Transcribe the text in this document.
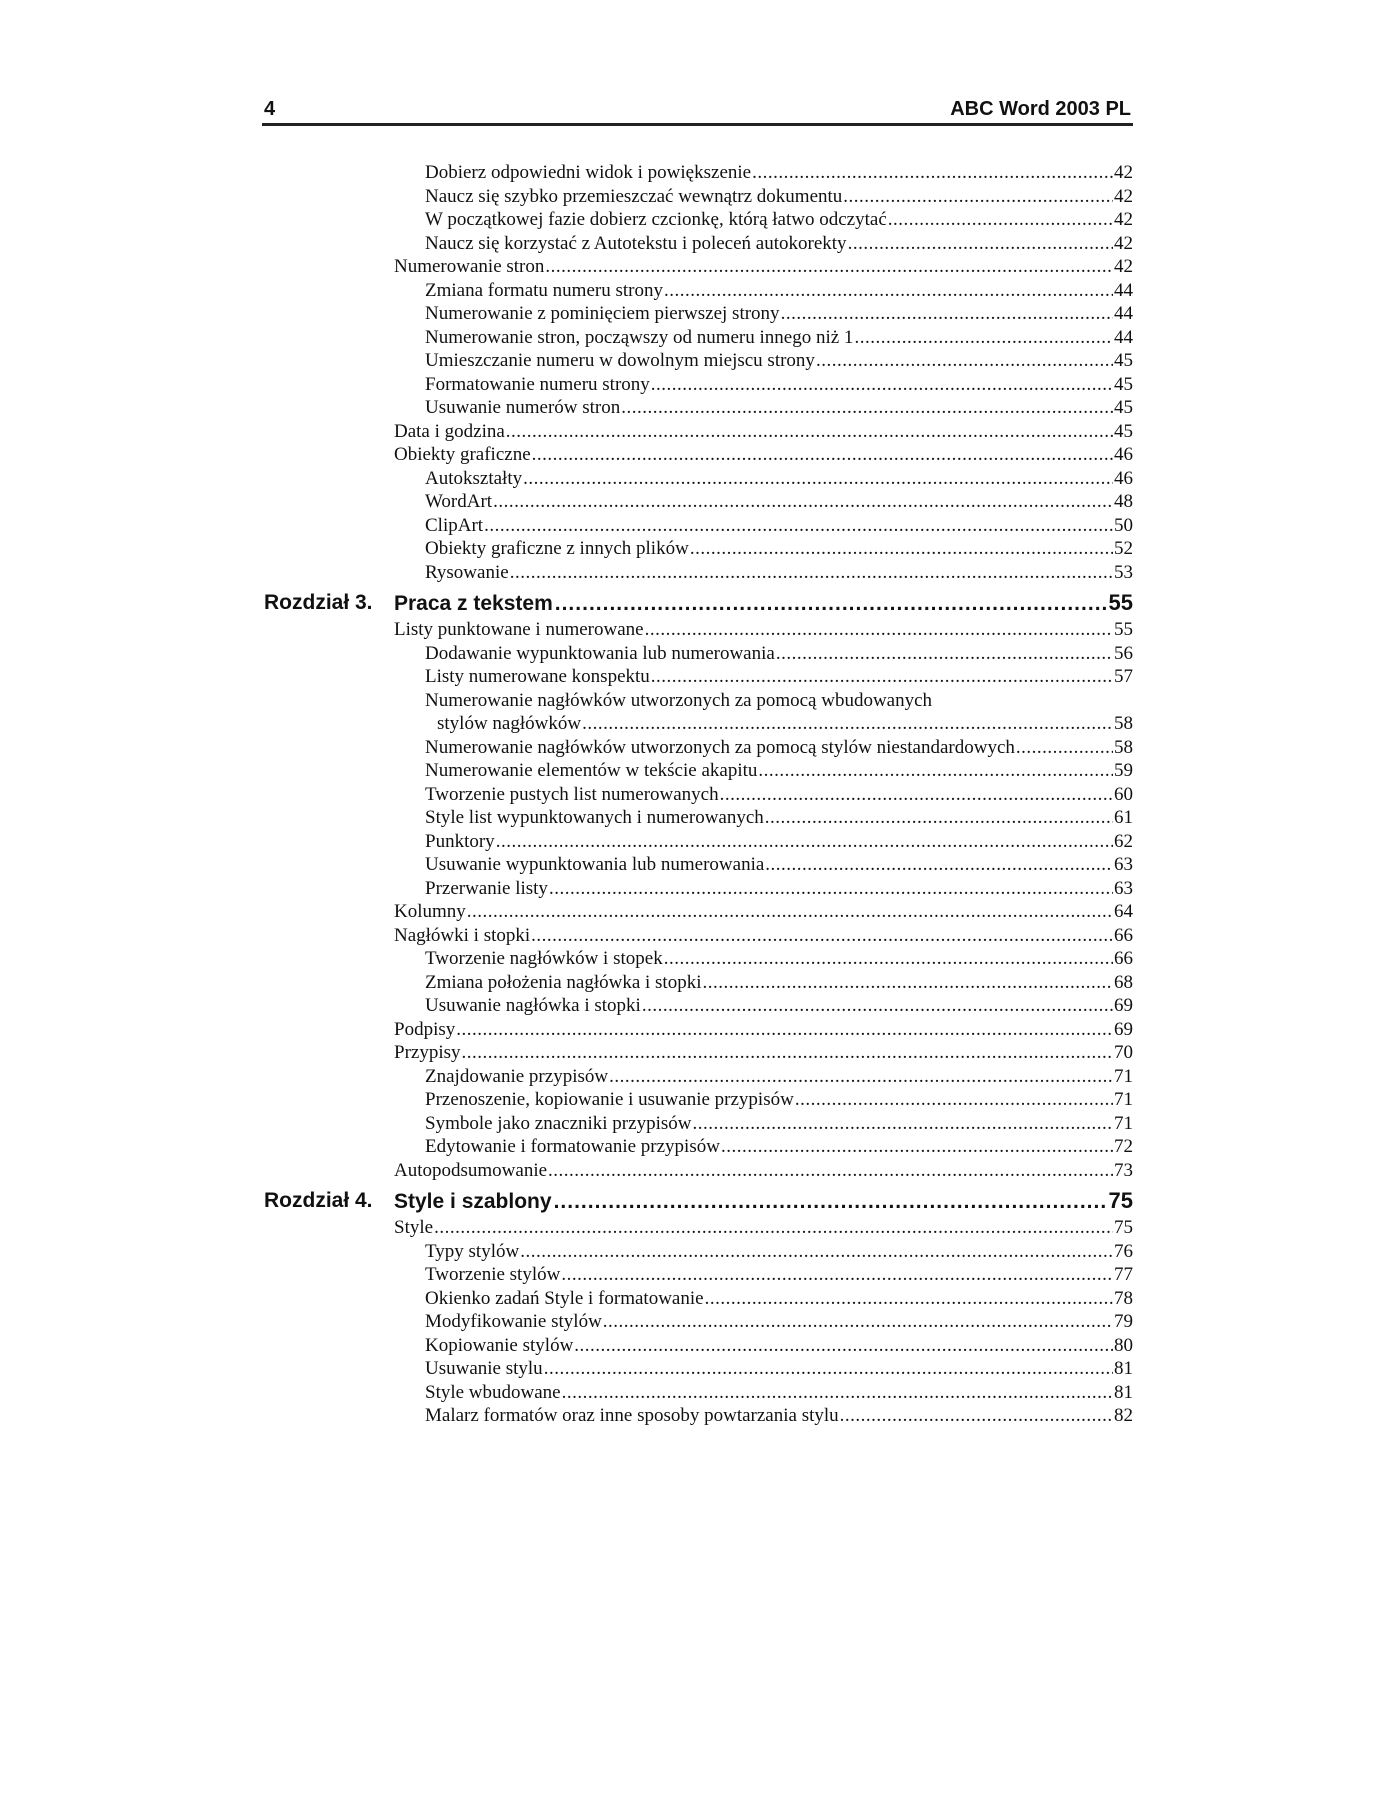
4	ABC Word 2003 PL
Dobierz odpowiedni widok i powiększenie .....	42
Naucz się szybko przemieszczać wewnątrz dokumentu .....	42
W początkowej fazie dobierz czcionkę, którą łatwo odczytać .....	42
Naucz się korzystać z Autotekstu i poleceń autokorekty .....	42
Numerowanie stron .....	42
Zmiana formatu numeru strony .....	44
Numerowanie z pominięciem pierwszej strony .....	44
Numerowanie stron, począwszy od numeru innego niż 1 .....	44
Umieszczanie numeru w dowolnym miejscu strony .....	45
Formatowanie numeru strony .....	45
Usuwanie numerów stron .....	45
Data i godzina .....	45
Obiekty graficzne .....	46
Autokształty .....	46
WordArt .....	48
ClipArt .....	50
Obiekty graficzne z innych plików .....	52
Rysowanie .....	53
Rozdział 3. Praca z tekstem .....	55
Listy punktowane i numerowane .....	55
Dodawanie wypunktowania lub numerowania .....	56
Listy numerowane konspektu .....	57
Numerowanie nagłówków utworzonych za pomocą wbudowanych
stylów nagłówków .....	58
Numerowanie nagłówków utworzonych za pomocą stylów niestandardowych .....	58
Numerowanie elementów w tekście akapitu .....	59
Tworzenie pustych list numerowanych .....	60
Style list wypunktowanych i numerowanych .....	61
Punktory .....	62
Usuwanie wypunktowania lub numerowania .....	63
Przerwanie listy .....	63
Kolumny .....	64
Nagłówki i stopki .....	66
Tworzenie nagłówków i stopek .....	66
Zmiana położenia nagłówka i stopki .....	68
Usuwanie nagłówka i stopki .....	69
Podpisy .....	69
Przypisy .....	70
Znajdowanie przypisów .....	71
Przenoszenie, kopiowanie i usuwanie przypisów .....	71
Symbole jako znaczniki przypisów .....	71
Edytowanie i formatowanie przypisów .....	72
Autopodsumowanie .....	73
Rozdział 4. Style i szablony .....	75
Style .....	75
Typy stylów .....	76
Tworzenie stylów .....	77
Okienko zadań Style i formatowanie .....	78
Modyfikowanie stylów .....	79
Kopiowanie stylów .....	80
Usuwanie stylu .....	81
Style wbudowane .....	81
Malarz formatów oraz inne sposoby powtarzania stylu .....	82
